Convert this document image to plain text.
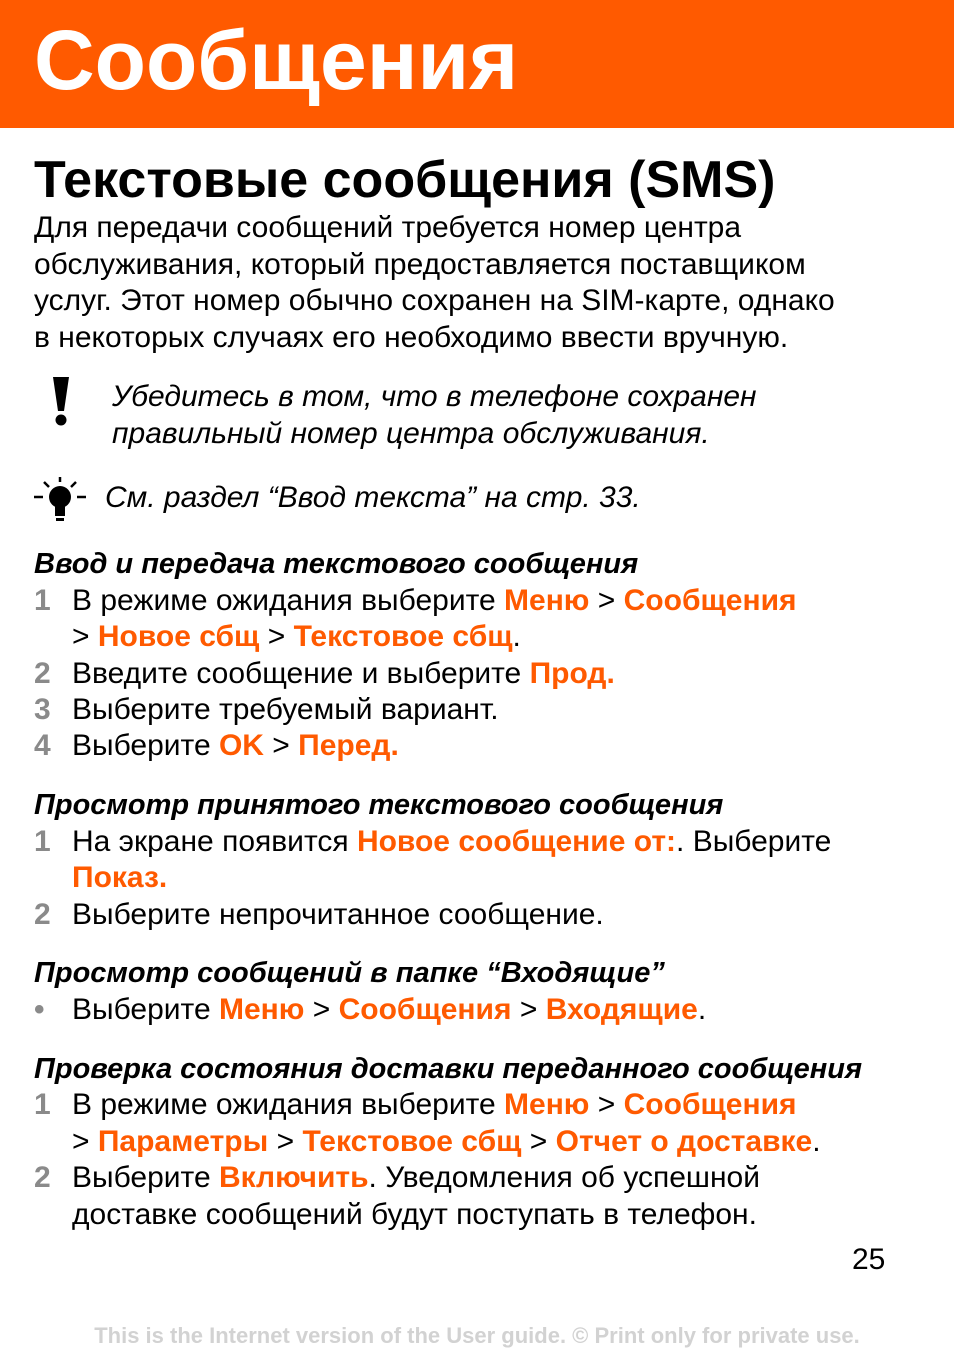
Сообщения
Текстовые сообщения (SMS)
Для передачи сообщений требуется номер центра
обслуживания, который предоставляется поставщиком
услуг. Этот номер обычно сохранен на SIM-карте, однако
в некоторых случаях его необходимо ввести вручную.
Убедитесь в том, что в телефоне сохранен
правильный номер центра обслуживания.
См. раздел “Ввод текста” на стр. 33.
Ввод и передача текстового сообщения
1 В режиме ожидания выберите Меню > Сообщения
> Новое сбщ > Текстовое сбщ.
2 Введите сообщение и выберите Прод.
3 Выберите требуемый вариант.
4 Выберите OK > Перед.
Просмотр принятого текстового сообщения
1 На экране появится Новое сообщение от:. Выберите
Показ.
2 Выберите непрочитанное сообщение.
Просмотр сообщений в папке “Входящие”
• Выберите Меню > Сообщения > Входящие.
Проверка состояния доставки переданного сообщения
1 В режиме ожидания выберите Меню > Сообщения
> Параметры > Текстовое сбщ > Отчет о доставке.
2 Выберите Включить. Уведомления об успешной
доставке сообщений будут поступать в телефон.
25
This is the Internet version of the User guide. © Print only for private use.
